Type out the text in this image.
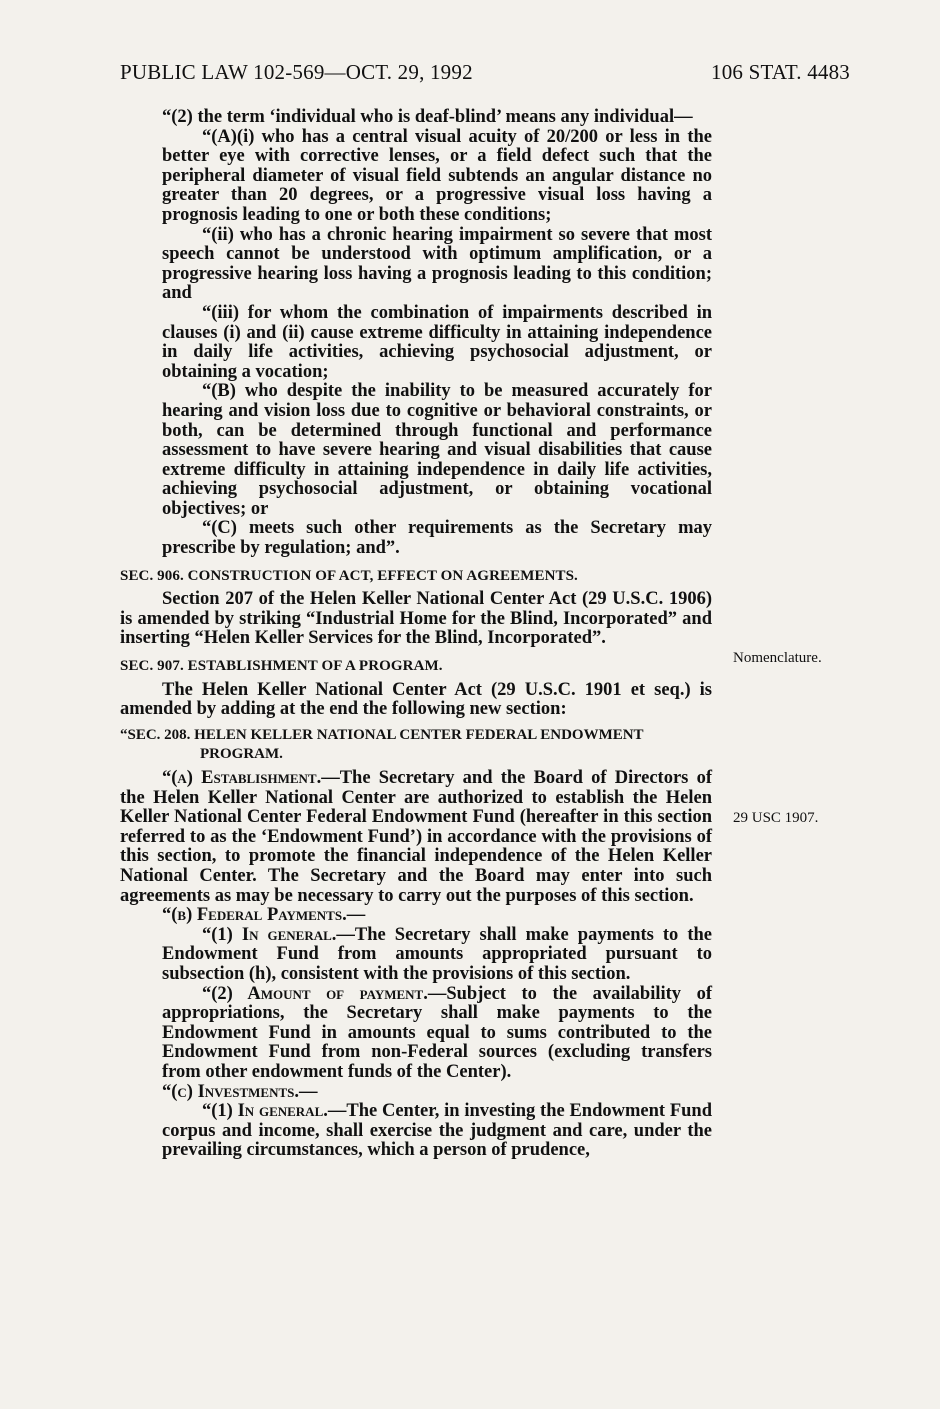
PUBLIC LAW 102-569—OCT. 29, 1992	106 STAT. 4483

“(2) the term ‘individual who is deaf-blind’ means any individual—

“(A)(i) who has a central visual acuity of 20/200 or less in the better eye with corrective lenses, or a field defect such that the peripheral diameter of visual field subtends an angular distance no greater than 20 degrees, or a progressive visual loss having a prognosis leading to one or both these conditions;

“(ii) who has a chronic hearing impairment so severe that most speech cannot be understood with optimum amplification, or a progressive hearing loss having a prognosis leading to this condition; and

“(iii) for whom the combination of impairments described in clauses (i) and (ii) cause extreme difficulty in attaining independence in daily life activities, achieving psychosocial adjustment, or obtaining a vocation;

“(B) who despite the inability to be measured accurately for hearing and vision loss due to cognitive or behavioral constraints, or both, can be determined through functional and performance assessment to have severe hearing and visual disabilities that cause extreme difficulty in attaining independence in daily life activities, achieving psychosocial adjustment, or obtaining vocational objectives; or

“(C) meets such other requirements as the Secretary may prescribe by regulation; and”.

SEC. 906. CONSTRUCTION OF ACT, EFFECT ON AGREEMENTS.

Section 207 of the Helen Keller National Center Act (29 U.S.C. 1906) is amended by striking “Industrial Home for the Blind, Incorporated” and inserting “Helen Keller Services for the Blind, Incorporated”.

SEC. 907. ESTABLISHMENT OF A PROGRAM.

The Helen Keller National Center Act (29 U.S.C. 1901 et seq.) is amended by adding at the end the following new section:

“SEC. 208. HELEN KELLER NATIONAL CENTER FEDERAL ENDOWMENT PROGRAM.

“(a) Establishment.—The Secretary and the Board of Directors of the Helen Keller National Center are authorized to establish the Helen Keller National Center Federal Endowment Fund (hereafter in this section referred to as the ‘Endowment Fund’) in accordance with the provisions of this section, to promote the financial independence of the Helen Keller National Center. The Secretary and the Board may enter into such agreements as may be necessary to carry out the purposes of this section.

“(b) Federal Payments.—

“(1) In general.—The Secretary shall make payments to the Endowment Fund from amounts appropriated pursuant to subsection (h), consistent with the provisions of this section.

“(2) Amount of payment.—Subject to the availability of appropriations, the Secretary shall make payments to the Endowment Fund in amounts equal to sums contributed to the Endowment Fund from non-Federal sources (excluding transfers from other endowment funds of the Center).

“(c) Investments.—

“(1) In general.—The Center, in investing the Endowment Fund corpus and income, shall exercise the judgment and care, under the prevailing circumstances, which a person of prudence,

Nomenclature.
29 USC 1907.
